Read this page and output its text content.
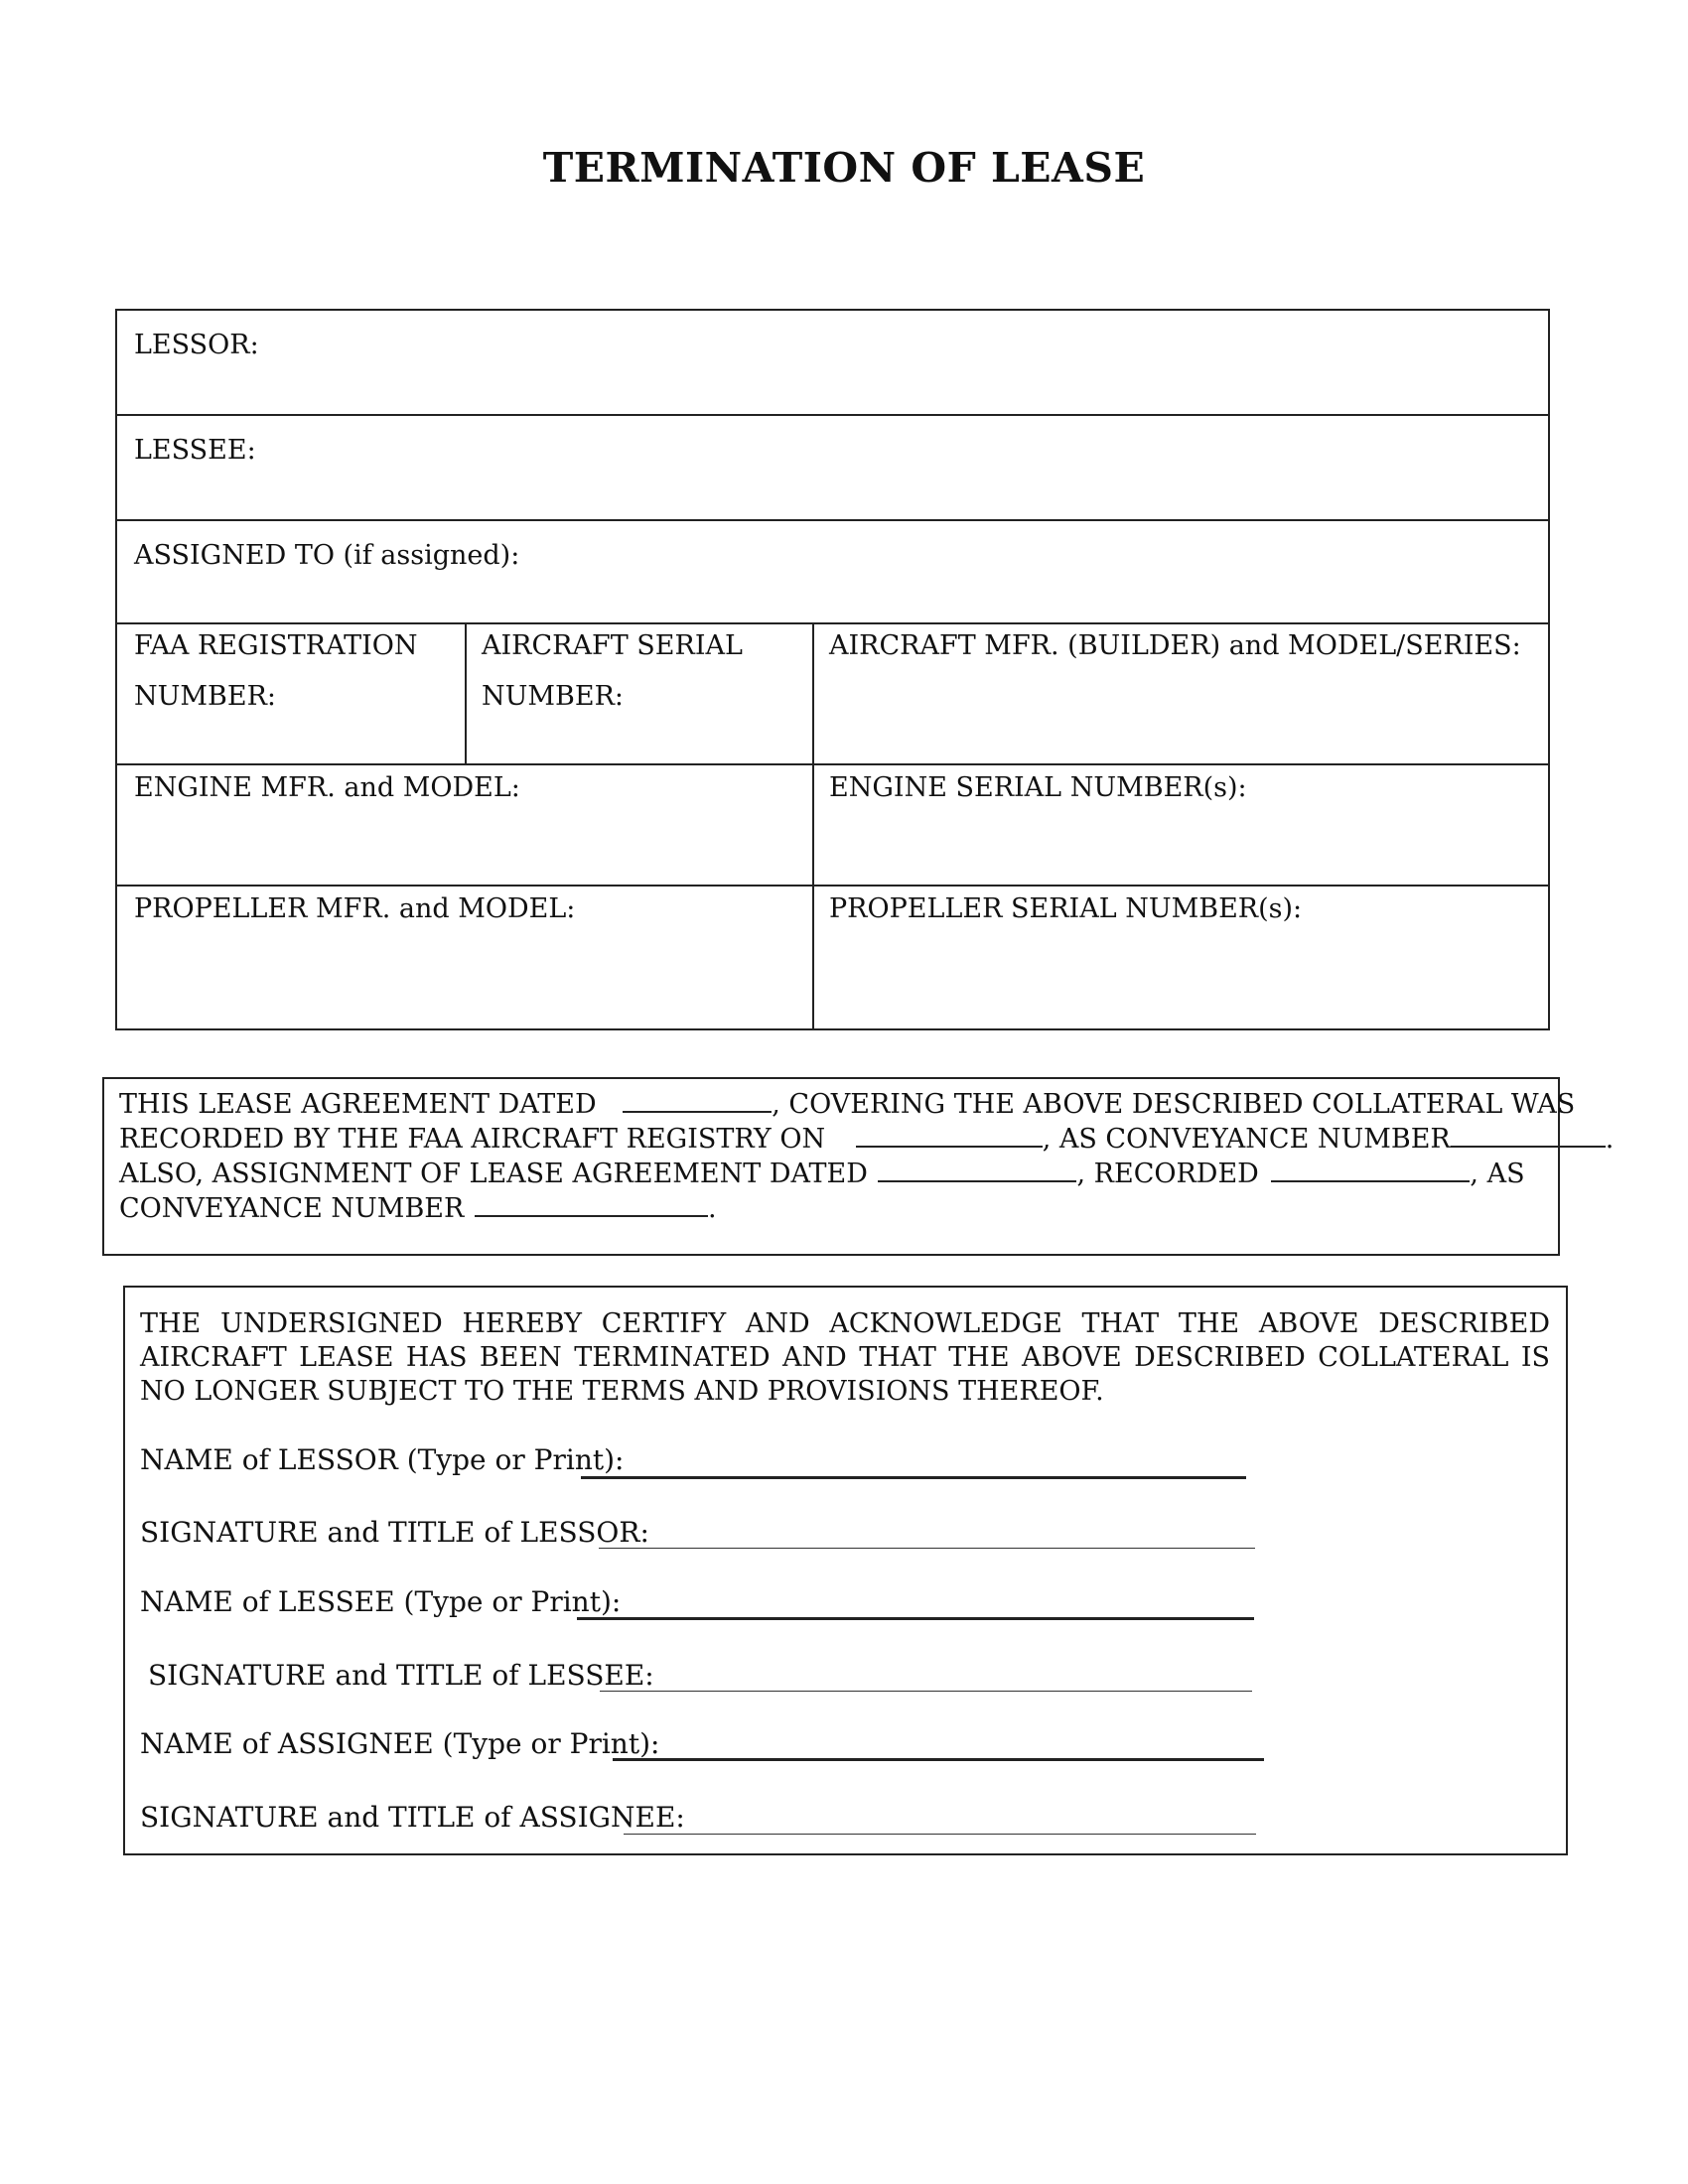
TERMINATION OF LEASE
LESSOR:
LESSEE:
ASSIGNED TO (if assigned):
FAA REGISTRATION NUMBER:
AIRCRAFT SERIAL NUMBER:
AIRCRAFT MFR. (BUILDER) and MODEL/SERIES:
ENGINE MFR. and MODEL:	ENGINE SERIAL NUMBER(s):
PROPELLER MFR. and MODEL:	PROPELLER SERIAL NUMBER(s):
THIS LEASE AGREEMENT DATED	, COVERING THE ABOVE DESCRIBED COLLATERAL WAS
RECORDED BY THE FAA AIRCRAFT REGISTRY ON	, AS CONVEYANCE NUMBER	.
ALSO, ASSIGNMENT OF LEASE AGREEMENT DATED	, RECORDED	, AS
CONVEYANCE NUMBER	.
THE UNDERSIGNED HEREBY CERTIFY AND ACKNOWLEDGE THAT THE ABOVE DESCRIBED AIRCRAFT LEASE HAS BEEN TERMINATED AND THAT THE ABOVE DESCRIBED COLLATERAL IS NO LONGER SUBJECT TO THE TERMS AND PROVISIONS THEREOF.
NAME of LESSOR (Type or Print):
SIGNATURE and TITLE of LESSOR:
NAME of LESSEE (Type or Print):
SIGNATURE and TITLE of LESSEE:
NAME of ASSIGNEE (Type or Print):
SIGNATURE and TITLE of ASSIGNEE:
